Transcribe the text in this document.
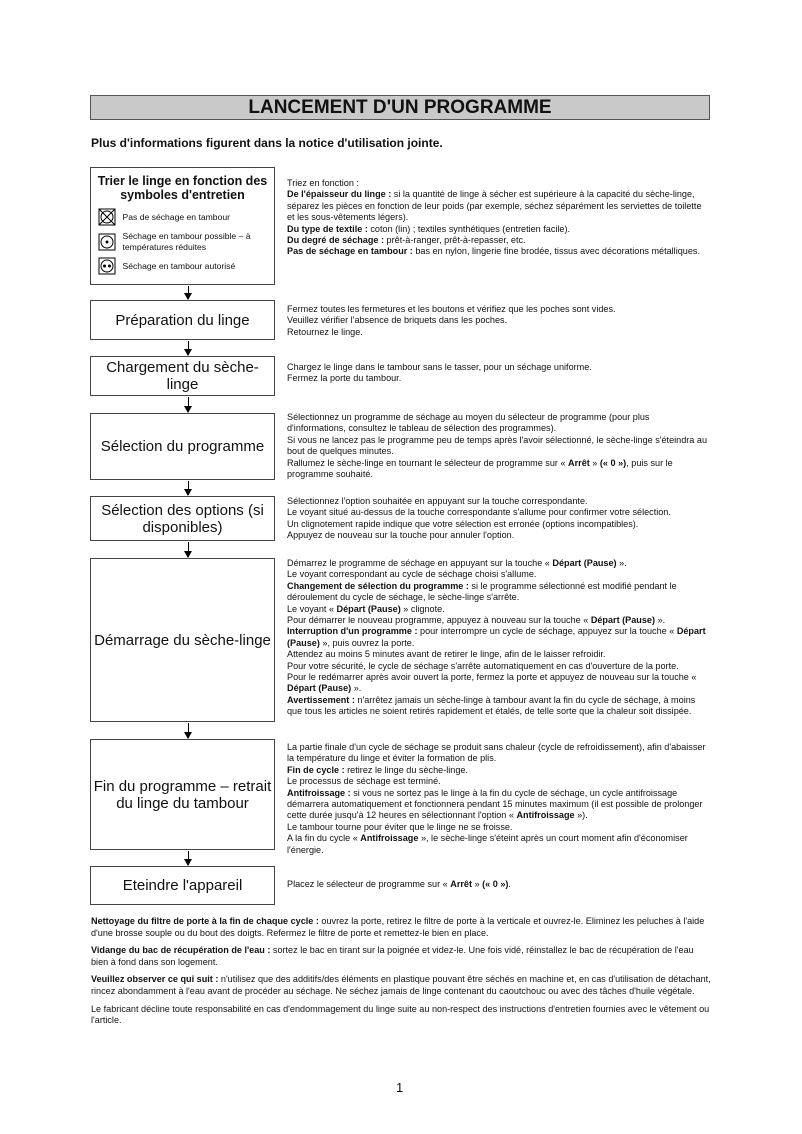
LANCEMENT D'UN PROGRAMME
Plus d'informations figurent dans la notice d'utilisation jointe.
Trier le linge en fonction des symboles d'entretien
Pas de séchage en tambour
Séchage en tambour possible – à températures réduites
Séchage en tambour autorisé

Triez en fonction :

De l'épaisseur du linge : si la quantité de linge à sécher est supérieure à la capacité du sèche-linge, séparez les pièces en fonction de leur poids (par exemple, séchez séparément les serviettes de toilette et les sous-vêtements légers).

Du type de textile : coton (lin) ; textiles synthétiques (entretien facile).

Du degré de séchage : prêt-à-ranger, prêt-à-repasser, etc.

Pas de séchage en tambour : bas en nylon, lingerie fine brodée, tissus avec décorations métalliques.

Préparation du linge

Fermez toutes les fermetures et les boutons et vérifiez que les poches sont vides.

Veuillez vérifier l'absence de briquets dans les poches.

Retournez le linge.

Chargement du sèche-linge

Chargez le linge dans le tambour sans le tasser, pour un séchage uniforme.

Fermez la porte du tambour.

Sélection du programme

Sélectionnez un programme de séchage au moyen du sélecteur de programme (pour plus d'informations, consultez le tableau de sélection des programmes).

Si vous ne lancez pas le programme peu de temps après l'avoir sélectionné, le sèche-linge s'éteindra au bout de quelques minutes.

Rallumez le sèche-linge en tournant le sélecteur de programme sur « Arrêt » (« 0 »), puis sur le programme souhaité.

Sélection des options (si disponibles)

Sélectionnez l'option souhaitée en appuyant sur la touche correspondante.

Le voyant situé au-dessus de la touche correspondante s'allume pour confirmer votre sélection.

Un clignotement rapide indique que votre sélection est erronée (options incompatibles).

Appuyez de nouveau sur la touche pour annuler l'option.

Démarrage du sèche-linge

Démarrez le programme de séchage en appuyant sur la touche « Départ (Pause) ».

Le voyant correspondant au cycle de séchage choisi s'allume.

Changement de sélection du programme : si le programme sélectionné est modifié pendant le déroulement du cycle de séchage, le sèche-linge s'arrête.

Le voyant « Départ (Pause) » clignote.

Pour démarrer le nouveau programme, appuyez à nouveau sur la touche « Départ (Pause) ».

Interruption d'un programme : pour interrompre un cycle de séchage, appuyez sur la touche « Départ (Pause) », puis ouvrez la porte.

Attendez au moins 5 minutes avant de retirer le linge, afin de le laisser refroidir.

Pour votre sécurité, le cycle de séchage s'arrête automatiquement en cas d'ouverture de la porte.

Pour le redémarrer après avoir ouvert la porte, fermez la porte et appuyez de nouveau sur la touche « Départ (Pause) ».

Avertissement : n'arrêtez jamais un sèche-linge à tambour avant la fin du cycle de séchage, à moins que tous les articles ne soient retirés rapidement et étalés, de telle sorte que la chaleur soit dissipée.

Fin du programme – retrait du linge du tambour

La partie finale d'un cycle de séchage se produit sans chaleur (cycle de refroidissement), afin d'abaisser la température du linge et éviter la formation de plis.

Fin de cycle : retirez le linge du sèche-linge.

Le processus de séchage est terminé.

Antifroissage : si vous ne sortez pas le linge à la fin du cycle de séchage, un cycle antifroissage démarrera automatiquement et fonctionnera pendant 15 minutes maximum (il est possible de prolonger cette durée jusqu'à 12 heures en sélectionnant l'option « Antifroissage »).

Le tambour tourne pour éviter que le linge ne se froisse.

A la fin du cycle « Antifroissage », le sèche-linge s'éteint après un court moment afin d'économiser l'énergie.

Eteindre l'appareil	Placez le sélecteur de programme sur « Arrêt » (« 0 »).

Nettoyage du filtre de porte à la fin de chaque cycle : ouvrez la porte, retirez le filtre de porte à la verticale et ouvrez-le. Eliminez les peluches à l'aide d'une brosse souple ou du bout des doigts. Refermez le filtre de porte et remettez-le bien en place.

Vidange du bac de récupération de l'eau : sortez le bac en tirant sur la poignée et videz-le. Une fois vidé, réinstallez le bac de récupération de l'eau bien à fond dans son logement.

Veuillez observer ce qui suit : n'utilisez que des additifs/des éléments en plastique pouvant être séchés en machine et, en cas d'utilisation de détachant, rincez abondamment à l'eau avant de procéder au séchage. Ne séchez jamais de linge contenant du caoutchouc ou avec des tâches d'huile végétale.

Le fabricant décline toute responsabilité en cas d'endommagement du linge suite au non-respect des instructions d'entretien fournies avec le vêtement ou l'article.

1
